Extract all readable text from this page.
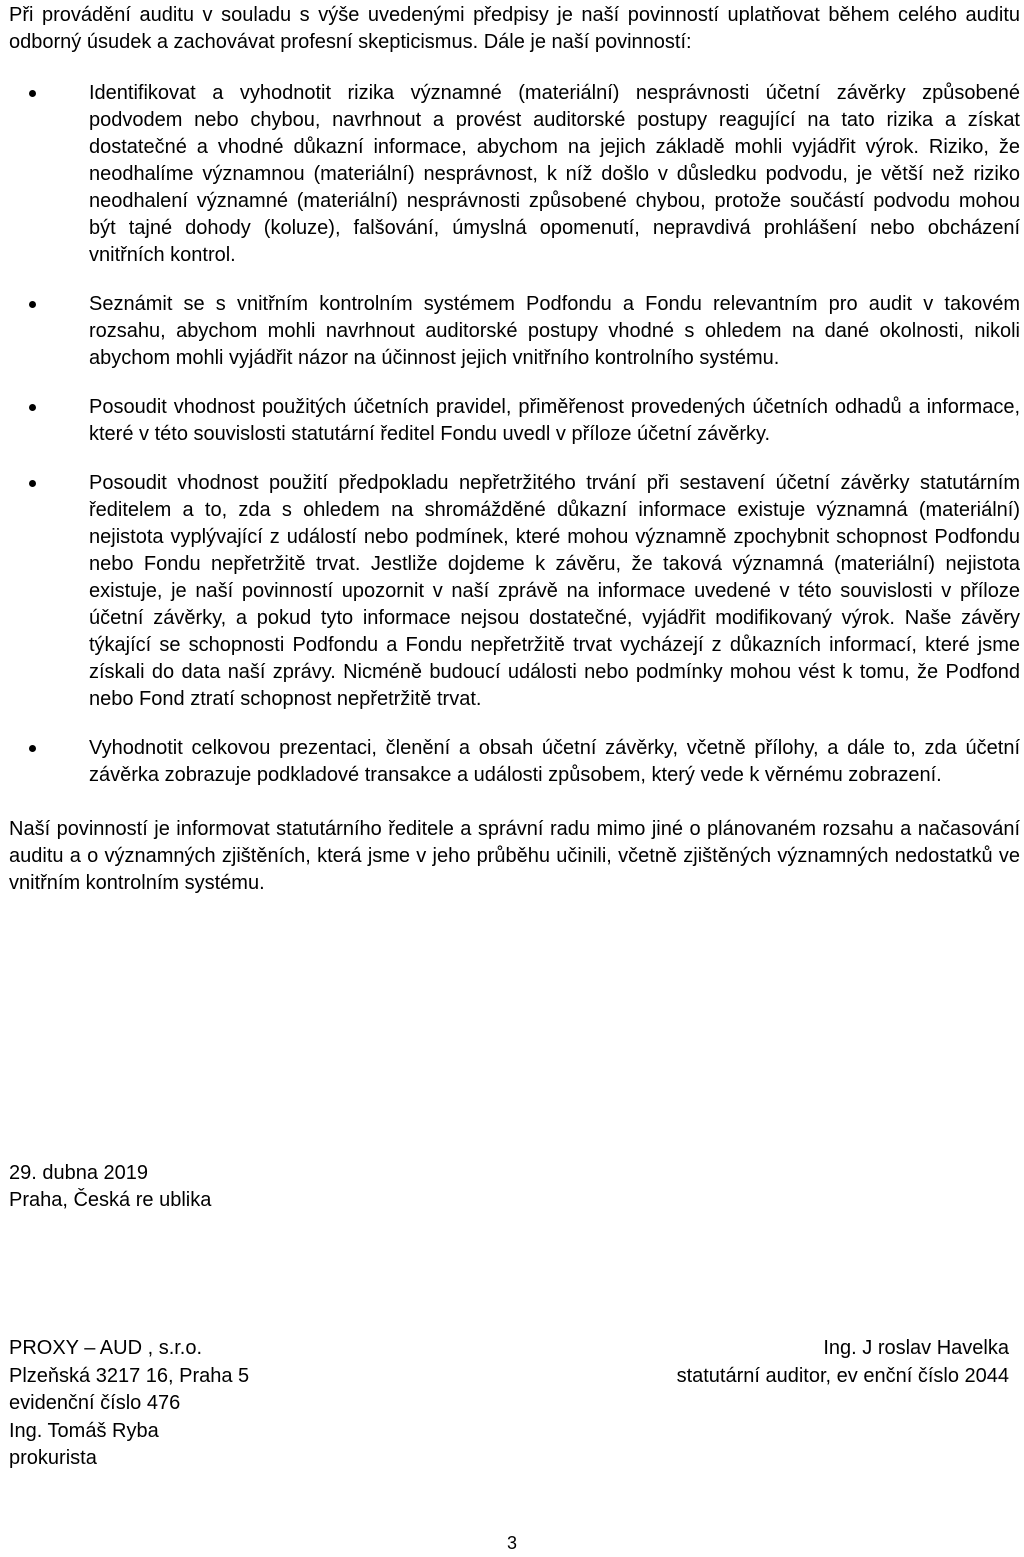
Při provádění auditu v souladu s výše uvedenými předpisy je naší povinností uplatňovat během celého auditu odborný úsudek a zachovávat profesní skepticismus. Dále je naší povinností:

Identifikovat a vyhodnotit rizika významné (materiální) nesprávnosti účetní závěrky způsobené podvodem nebo chybou, navrhnout a provést auditorské postupy reagující na tato rizika a získat dostatečné a vhodné důkazní informace, abychom na jejich základě mohli vyjádřit výrok. Riziko, že neodhalíme významnou (materiální) nesprávnost, k níž došlo v důsledku podvodu, je větší než riziko neodhalení významné (materiální) nesprávnosti způsobené chybou, protože součástí podvodu mohou být tajné dohody (koluze), falšování, úmyslná opomenutí, nepravdivá prohlášení nebo obcházení vnitřních kontrol.
Seznámit se s vnitřním kontrolním systémem Podfondu a Fondu relevantním pro audit v takovém rozsahu, abychom mohli navrhnout auditorské postupy vhodné s ohledem na dané okolnosti, nikoli abychom mohli vyjádřit názor na účinnost jejich vnitřního kontrolního systému.
Posoudit vhodnost použitých účetních pravidel, přiměřenost provedených účetních odhadů a informace, které v této souvislosti statutární ředitel Fondu uvedl v příloze účetní závěrky.
Posoudit vhodnost použití předpokladu nepřetržitého trvání při sestavení účetní závěrky statutárním ředitelem a to, zda s ohledem na shromážděné důkazní informace existuje významná (materiální) nejistota vyplývající z událostí nebo podmínek, které mohou významně zpochybnit schopnost Podfondu nebo Fondu nepřetržitě trvat. Jestliže dojdeme k závěru, že taková významná (materiální) nejistota existuje, je naší povinností upozornit v naší zprávě na informace uvedené v této souvislosti v příloze účetní závěrky, a pokud tyto informace nejsou dostatečné, vyjádřit modifikovaný výrok. Naše závěry týkající se schopnosti Podfondu a Fondu nepřetržitě trvat vycházejí z důkazních informací, které jsme získali do data naší zprávy. Nicméně budoucí události nebo podmínky mohou vést k tomu, že Podfond nebo Fond ztratí schopnost nepřetržitě trvat.
Vyhodnotit celkovou prezentaci, členění a obsah účetní závěrky, včetně přílohy, a dále to, zda účetní závěrka zobrazuje podkladové transakce a události způsobem, který vede k věrnému zobrazení.

Naší povinností je informovat statutárního ředitele a správní radu mimo jiné o plánovaném rozsahu a načasování auditu a o významných zjištěních, která jsme v jeho průběhu učinili, včetně zjištěných významných nedostatků ve vnitřním kontrolním systému.

29. dubna 2019
Praha, Česká re ublika
PROXY – AUD , s.r.o.
Plzeňská 3217 16, Praha 5
evidenční číslo 476
Ing. Tomáš Ryba
prokurista
Ing. J roslav Havelka
statutární auditor, ev enční číslo 2044
3
